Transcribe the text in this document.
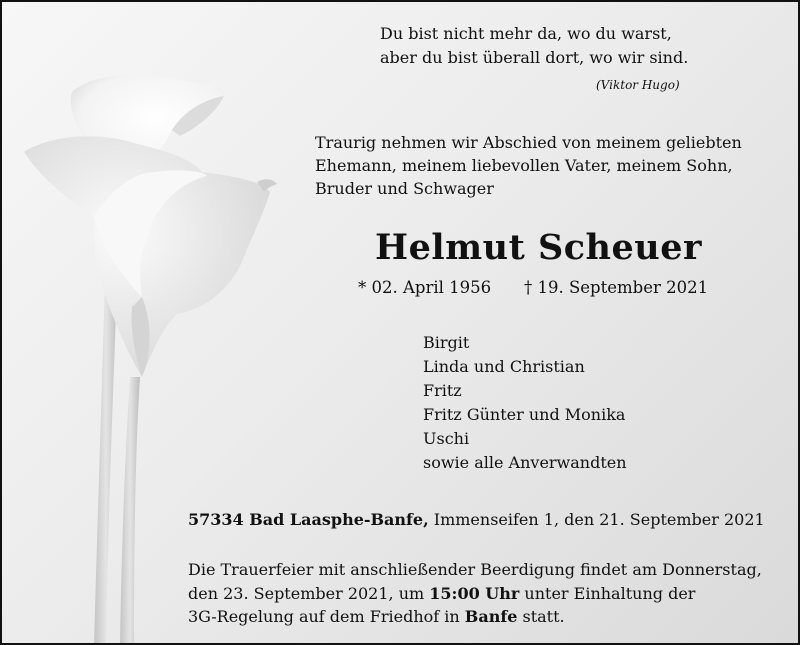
Du bist nicht mehr da, wo du warst,
aber du bist überall dort, wo wir sind.
(Viktor Hugo)
Traurig nehmen wir Abschied von meinem geliebten
Ehemann, meinem liebevollen Vater, meinem Sohn,
Bruder und Schwager
Helmut Scheuer
* 02. April 1956 † 19. September 2021
Birgit
Linda und Christian
Fritz
Fritz Günter und Monika
Uschi
sowie alle Anverwandten
57334 Bad Laasphe-Banfe, Immenseifen 1, den 21. September 2021
Die Trauerfeier mit anschließender Beerdigung findet am Donnerstag,
den 23. September 2021, um 15:00 Uhr unter Einhaltung der
3G-Regelung auf dem Friedhof in Banfe statt.
